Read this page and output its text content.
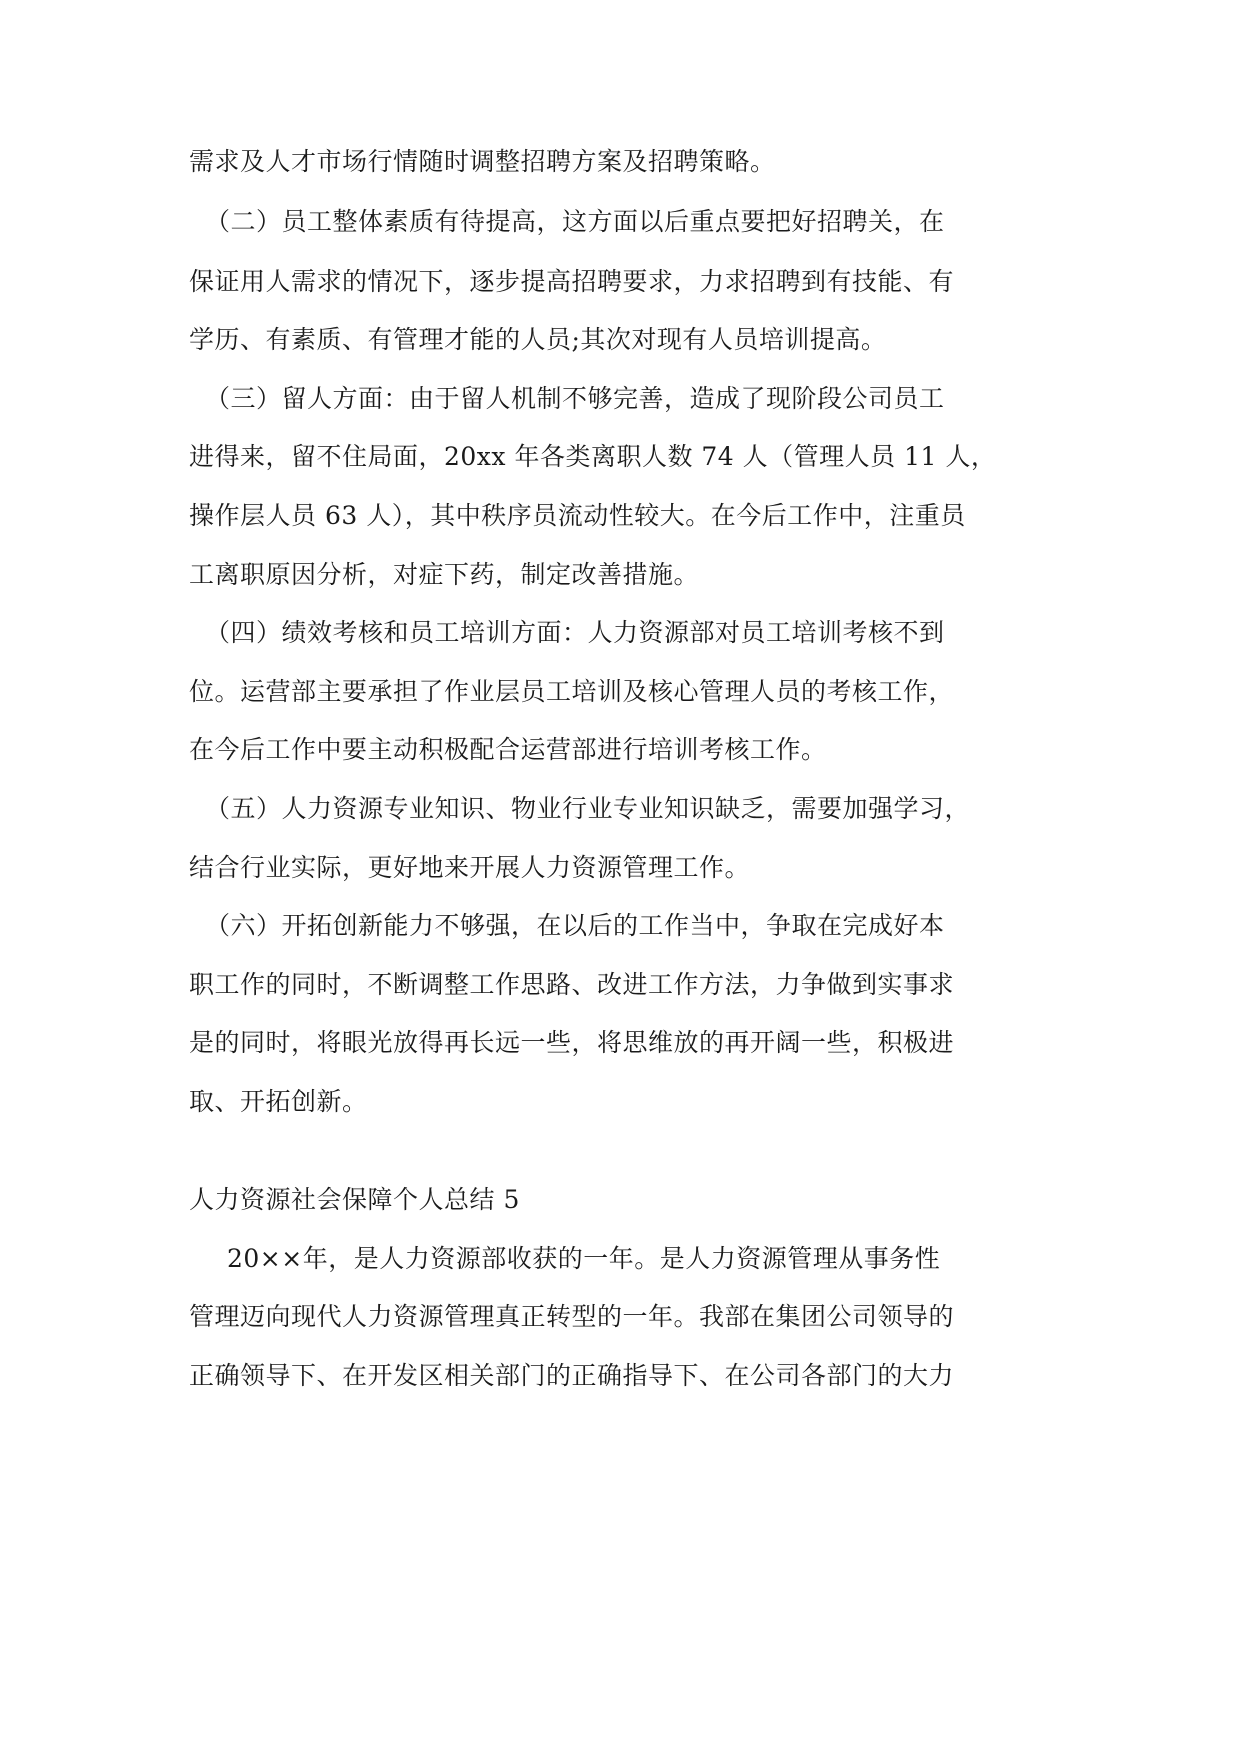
需求及人才市场行情随时调整招聘方案及招聘策略。
（二）员工整体素质有待提高，这方面以后重点要把好招聘关，在
保证用人需求的情况下，逐步提高招聘要求，力求招聘到有技能、有
学历、有素质、有管理才能的人员;其次对现有人员培训提高。
（三）留人方面：由于留人机制不够完善，造成了现阶段公司员工
进得来，留不住局面，20xx 年各类离职人数 74 人（管理人员 11 人，
操作层人员 63 人），其中秩序员流动性较大。在今后工作中，注重员
工离职原因分析，对症下药，制定改善措施。
（四）绩效考核和员工培训方面：人力资源部对员工培训考核不到
位。运营部主要承担了作业层员工培训及核心管理人员的考核工作，
在今后工作中要主动积极配合运营部进行培训考核工作。
（五）人力资源专业知识、物业行业专业知识缺乏，需要加强学习，
结合行业实际，更好地来开展人力资源管理工作。
（六）开拓创新能力不够强，在以后的工作当中，争取在完成好本
职工作的同时，不断调整工作思路、改进工作方法，力争做到实事求
是的同时，将眼光放得再长远一些，将思维放的再开阔一些，积极进
取、开拓创新。
人力资源社会保障个人总结 5
20××年，是人力资源部收获的一年。是人力资源管理从事务性
管理迈向现代人力资源管理真正转型的一年。我部在集团公司领导的
正确领导下、在开发区相关部门的正确指导下、在公司各部门的大力
